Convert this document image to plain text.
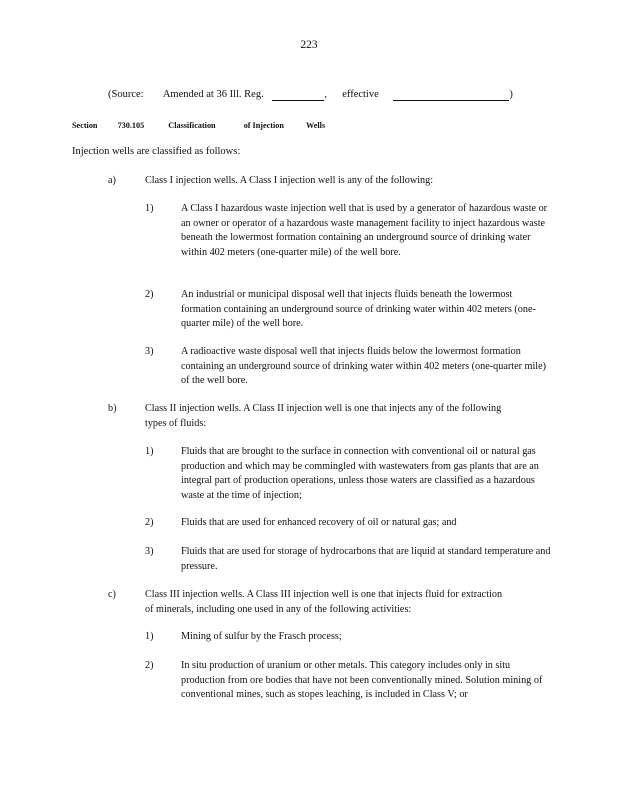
223
(Source: Amended at 36 Ill. Reg.	, effective	)
Section 730.105	Classification	of Injection	Wells
Injection wells are classified as follows:
a)	Class I injection wells. A Class I injection well is any of the following:
1)	A Class I hazardous waste injection well that is used by a generator of hazardous waste or an owner or operator of a hazardous waste management facility to inject hazardous waste beneath the lowermost formation containing an underground source of drinking water within 402 meters (one-quarter mile) of the well bore.
2)	An industrial or municipal disposal well that injects fluids beneath the lowermost formation containing an underground source of drinking water within 402 meters (one-quarter mile) of the well bore.
3)	A radioactive waste disposal well that injects fluids below the lowermost formation containing an underground source of drinking water within 402 meters (one-quarter mile) of the well bore.
b)	Class II injection wells. A Class II injection well is one that injects any of the following types of fluids:
1)	Fluids that are brought to the surface in connection with conventional oil or natural gas production and which may be commingled with wastewaters from gas plants that are an integral part of production operations, unless those waters are classified as a hazardous waste at the time of injection;
2)	Fluids that are used for enhanced recovery of oil or natural gas; and
3)	Fluids that are used for storage of hydrocarbons that are liquid at standard temperature and pressure.
c)	Class III injection wells. A Class III injection well is one that injects fluid for extraction of minerals, including one used in any of the following activities:
1)	Mining of sulfur by the Frasch process;
2)	In situ production of uranium or other metals. This category includes only in situ production from ore bodies that have not been conventionally mined. Solution mining of conventional mines, such as stopes leaching, is included in Class V; or
